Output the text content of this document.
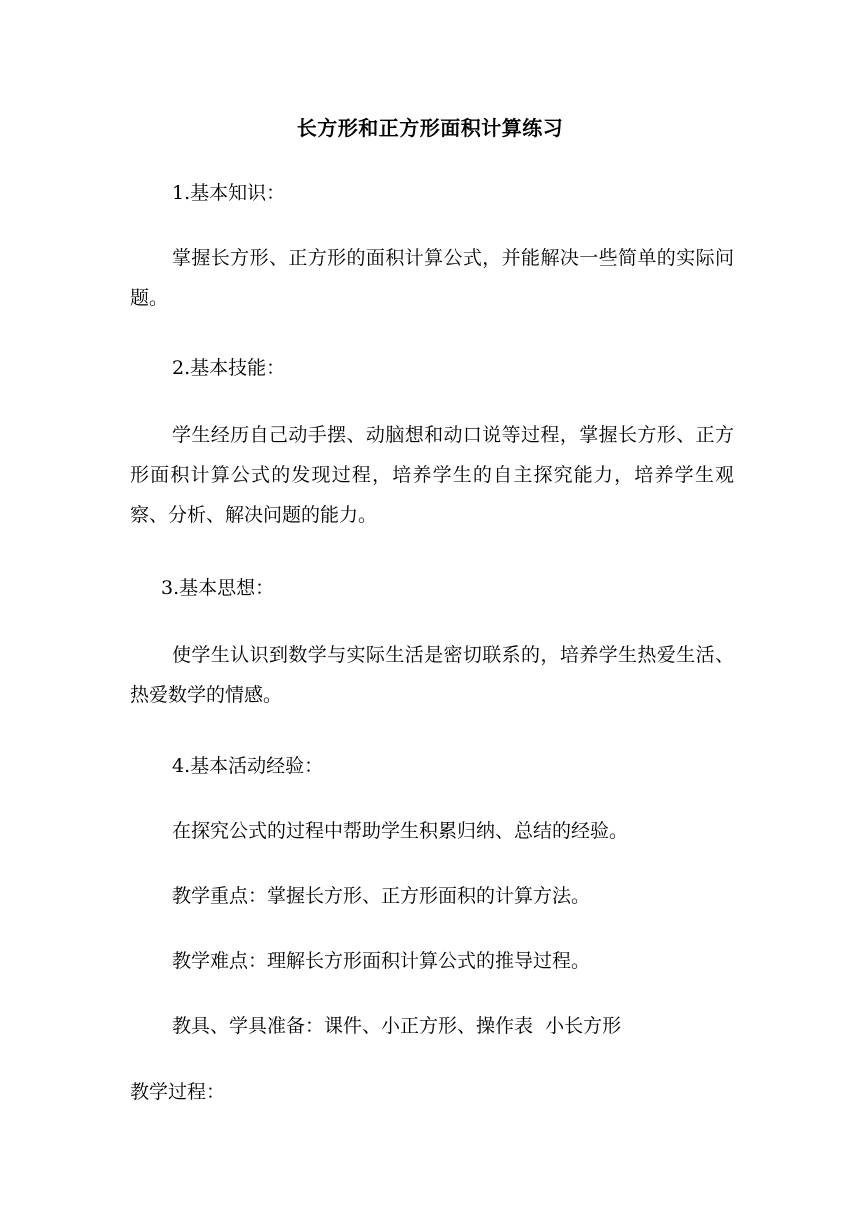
长方形和正方形面积计算练习
1.基本知识：
掌握长方形、正方形的面积计算公式，并能解决一些简单的实际问题。
2.基本技能：
学生经历自己动手摆、动脑想和动口说等过程，掌握长方形、正方形面积计算公式的发现过程，培养学生的自主探究能力，培养学生观察、分析、解决问题的能力。
3.基本思想：
使学生认识到数学与实际生活是密切联系的，培养学生热爱生活、热爱数学的情感。
4.基本活动经验：
在探究公式的过程中帮助学生积累归纳、总结的经验。
教学重点：掌握长方形、正方形面积的计算方法。
教学难点：理解长方形面积计算公式的推导过程。
教具、学具准备：课件、小正方形、操作表  小长方形
教学过程：
